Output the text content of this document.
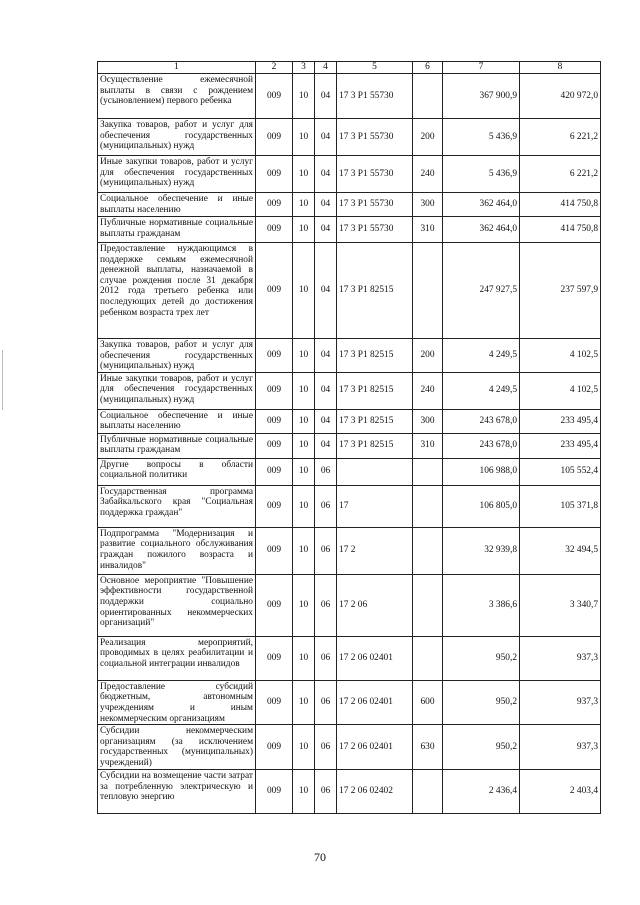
1	2	3	4	5	6	7	8
Осуществление ежемесячной выплаты в связи с рождением (усыновлением) первого ребенка	009	10	04	17 3 Р1 55730		367 900,9	420 972,0
Закупка товаров, работ и услуг для обеспечения государственных (муниципальных) нужд	009	10	04	17 3 Р1 55730	200	5 436,9	6 221,2
Иные закупки товаров, работ и услуг для обеспечения государственных (муниципальных) нужд	009	10	04	17 3 Р1 55730	240	5 436,9	6 221,2
Социальное обеспечение и иные выплаты населению	009	10	04	17 3 Р1 55730	300	362 464,0	414 750,8
Публичные нормативные социальные выплаты гражданам	009	10	04	17 3 Р1 55730	310	362 464,0	414 750,8
Предоставление нуждающимся в поддержке семьям ежемесячной денежной выплаты, назначаемой в случае рождения после 31 декабря 2012 года третьего ребенка или последующих детей до достижения ребенком возраста трех лет	009	10	04	17 3 Р1 82515		247 927,5	237 597,9
Закупка товаров, работ и услуг для обеспечения государственных (муниципальных) нужд	009	10	04	17 3 Р1 82515	200	4 249,5	4 102,5
Иные закупки товаров, работ и услуг для обеспечения государственных (муниципальных) нужд	009	10	04	17 3 Р1 82515	240	4 249,5	4 102,5
Социальное обеспечение и иные выплаты населению	009	10	04	17 3 Р1 82515	300	243 678,0	233 495,4
Публичные нормативные социальные выплаты гражданам	009	10	04	17 3 Р1 82515	310	243 678,0	233 495,4
Другие вопросы в области социальной политики	009	10	06			106 988,0	105 552,4
Государственная программа Забайкальского края "Социальная поддержка граждан"	009	10	06	17		106 805,0	105 371,8
Подпрограмма "Модернизация и развитие социального обслуживания граждан пожилого возраста и инвалидов"	009	10	06	17 2		32 939,8	32 494,5
Основное мероприятие "Повышение эффективности государственной поддержки социально ориентированных некоммерческих организаций"	009	10	06	17 2 06		3 386,6	3 340,7
Реализация мероприятий, проводимых в целях реабилитации и социальной интеграции инвалидов	009	10	06	17 2 06 02401		950,2	937,3
Предоставление субсидий бюджетным, автономным учреждениям и иным некоммерческим организациям	009	10	06	17 2 06 02401	600	950,2	937,3
Субсидии некоммерческим организациям (за исключением государственных (муниципальных) учреждений)	009	10	06	17 2 06 02401	630	950,2	937,3
Субсидии на возмещение части затрат за потребленную электрическую и тепловую энергию	009	10	06	17 2 06 02402		2 436,4	2 403,4
70
